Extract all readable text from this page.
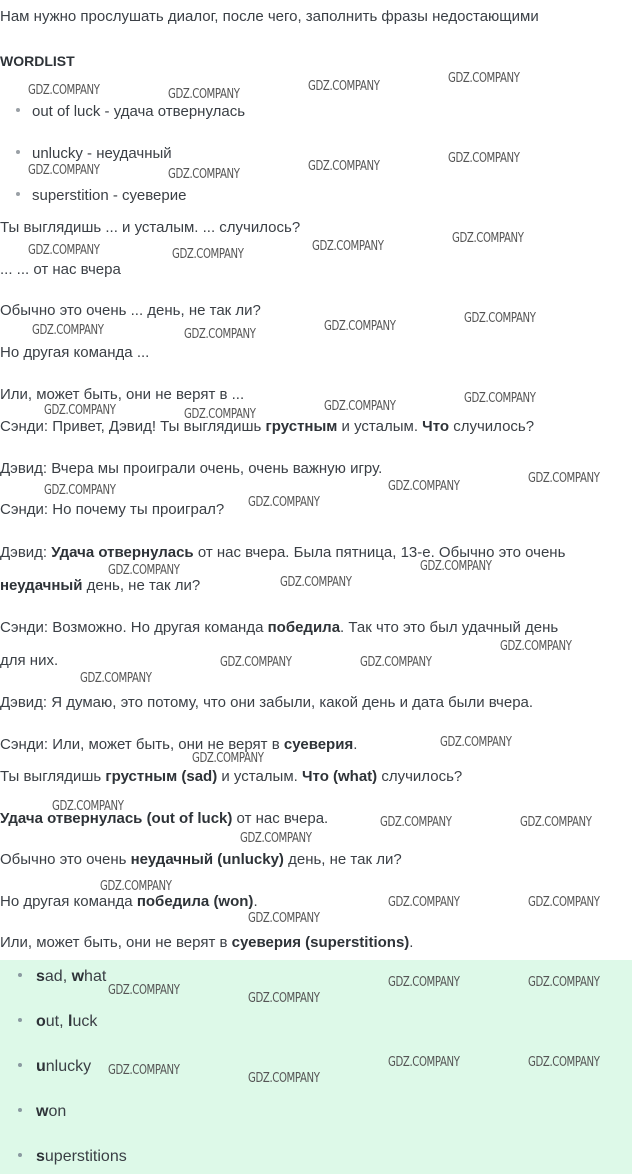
Нам нужно прослушать диалог, после чего, заполнить фразы недостающими
WORDLIST
out of luck - удача отвернулась
unlucky - неудачный
superstition - суеверие
Ты выглядишь ... и усталым. ... случилось?
... ... от нас вчера
Обычно это очень ... день, не так ли?
Но другая команда ...
Или, может быть, они не верят в ...
Сэнди: Привет, Дэвид! Ты выглядишь грустным и усталым. Что случилось?
Дэвид: Вчера мы проиграли очень, очень важную игру.
Сэнди: Но почему ты проиграл?
Дэвид: Удача отвернулась от нас вчера. Была пятница, 13-е. Обычно это очень
неудачный день, не так ли?
Сэнди: Возможно. Но другая команда победила. Так что это был удачный день
для них.
Дэвид: Я думаю, это потому, что они забыли, какой день и дата были вчера.
Сэнди: Или, может быть, они не верят в суеверия.
Ты выглядишь грустным (sad) и усталым. Что (what) случилось?
Удача отвернулась (out of luck) от нас вчера.
Обычно это очень неудачный (unlucky) день, не так ли?
Но другая команда победила (won).
Или, может быть, они не верят в суеверия (superstitions).
sad, what
out, luck
unlucky
won
superstitions
GDZ.COMPANY	GDZ.COMPANY
GDZ.COMPANY
GDZ.COMPANY
GDZ.COMPANY	GDZ.COMPANY
GDZ.COMPANY
GDZ.COMPANY
GDZ.COMPANY	GDZ.COMPANY
GDZ.COMPANY
GDZ.COMPANY
GDZ.COMPANY	GDZ.COMPANY
GDZ.COMPANY
GDZ.COMPANY
GDZ.COMPANY	GDZ.COMPANY
GDZ.COMPANY
GDZ.COMPANY
GDZ.COMPANY
GDZ.COMPANY
GDZ.COMPANY
GDZ.COMPANY
GDZ.COMPANY
GDZ.COMPANY
GDZ.COMPANY
GDZ.COMPANY
GDZ.COMPANY	GDZ.COMPANY
GDZ.COMPANY
GDZ.COMPANY
GDZ.COMPANY
GDZ.COMPANY
GDZ.COMPANY	GDZ.COMPANY
GDZ.COMPANY
GDZ.COMPANY
GDZ.COMPANY	GDZ.COMPANY
GDZ.COMPANY
GDZ.COMPANY
GDZ.COMPANY
GDZ.COMPANY	GDZ.COMPANY
GDZ.COMPANY
GDZ.COMPANY
GDZ.COMPANY	GDZ.COMPANY
